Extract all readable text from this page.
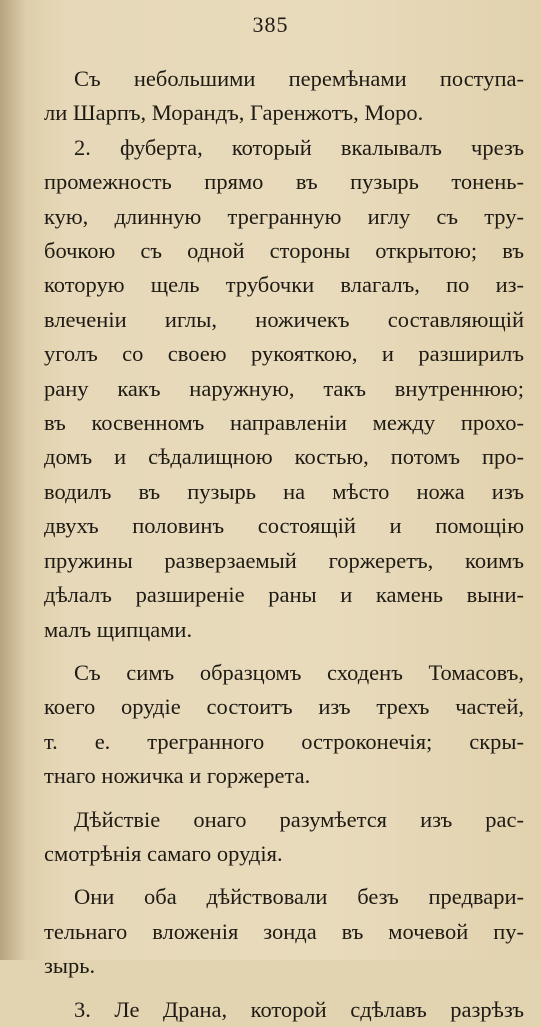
385

Съ небольшими перемѣнами поступа-

ли Шарпъ, Морандъ, Гаренжотъ, Моро.

2. фуберта, который вкалывалъ чрезъ

промежность прямо въ пузырь тонень-

кую, длинную трегранную иглу съ тру-

бочкою съ одной стороны открытою; въ

которую щель трубочки влагалъ, по из-

влеченіи иглы, ножичекъ составляющій

уголъ со своею рукояткою, и разширилъ

рану какъ наружную, такъ внутреннюю;

въ косвенномъ направленіи между прохо-

домъ и сѣдалищною костью, потомъ про-

водилъ въ пузырь на мѣсто ножа изъ

двухъ половинъ состоящій и помощію

пружины разверзаемый горжеретъ, коимъ

дѣлалъ разширеніе раны и камень выни-

малъ щипцами.

Съ симъ образцомъ сходенъ Томасовъ,

коего орудіе состоитъ изъ трехъ частей,

т. е. трегранного остроконечія; скры-

тнаго ножичка и горжерета.

Дѣйствіе онаго разумѣется изъ рас-

смотрѣнія самаго орудія.

Они оба дѣйствовали безъ предвари-

тельнаго вложенія зонда въ мочевой пу-

зырь.

3. Ле Драна, которой сдѣлавъ разрѣзъ
